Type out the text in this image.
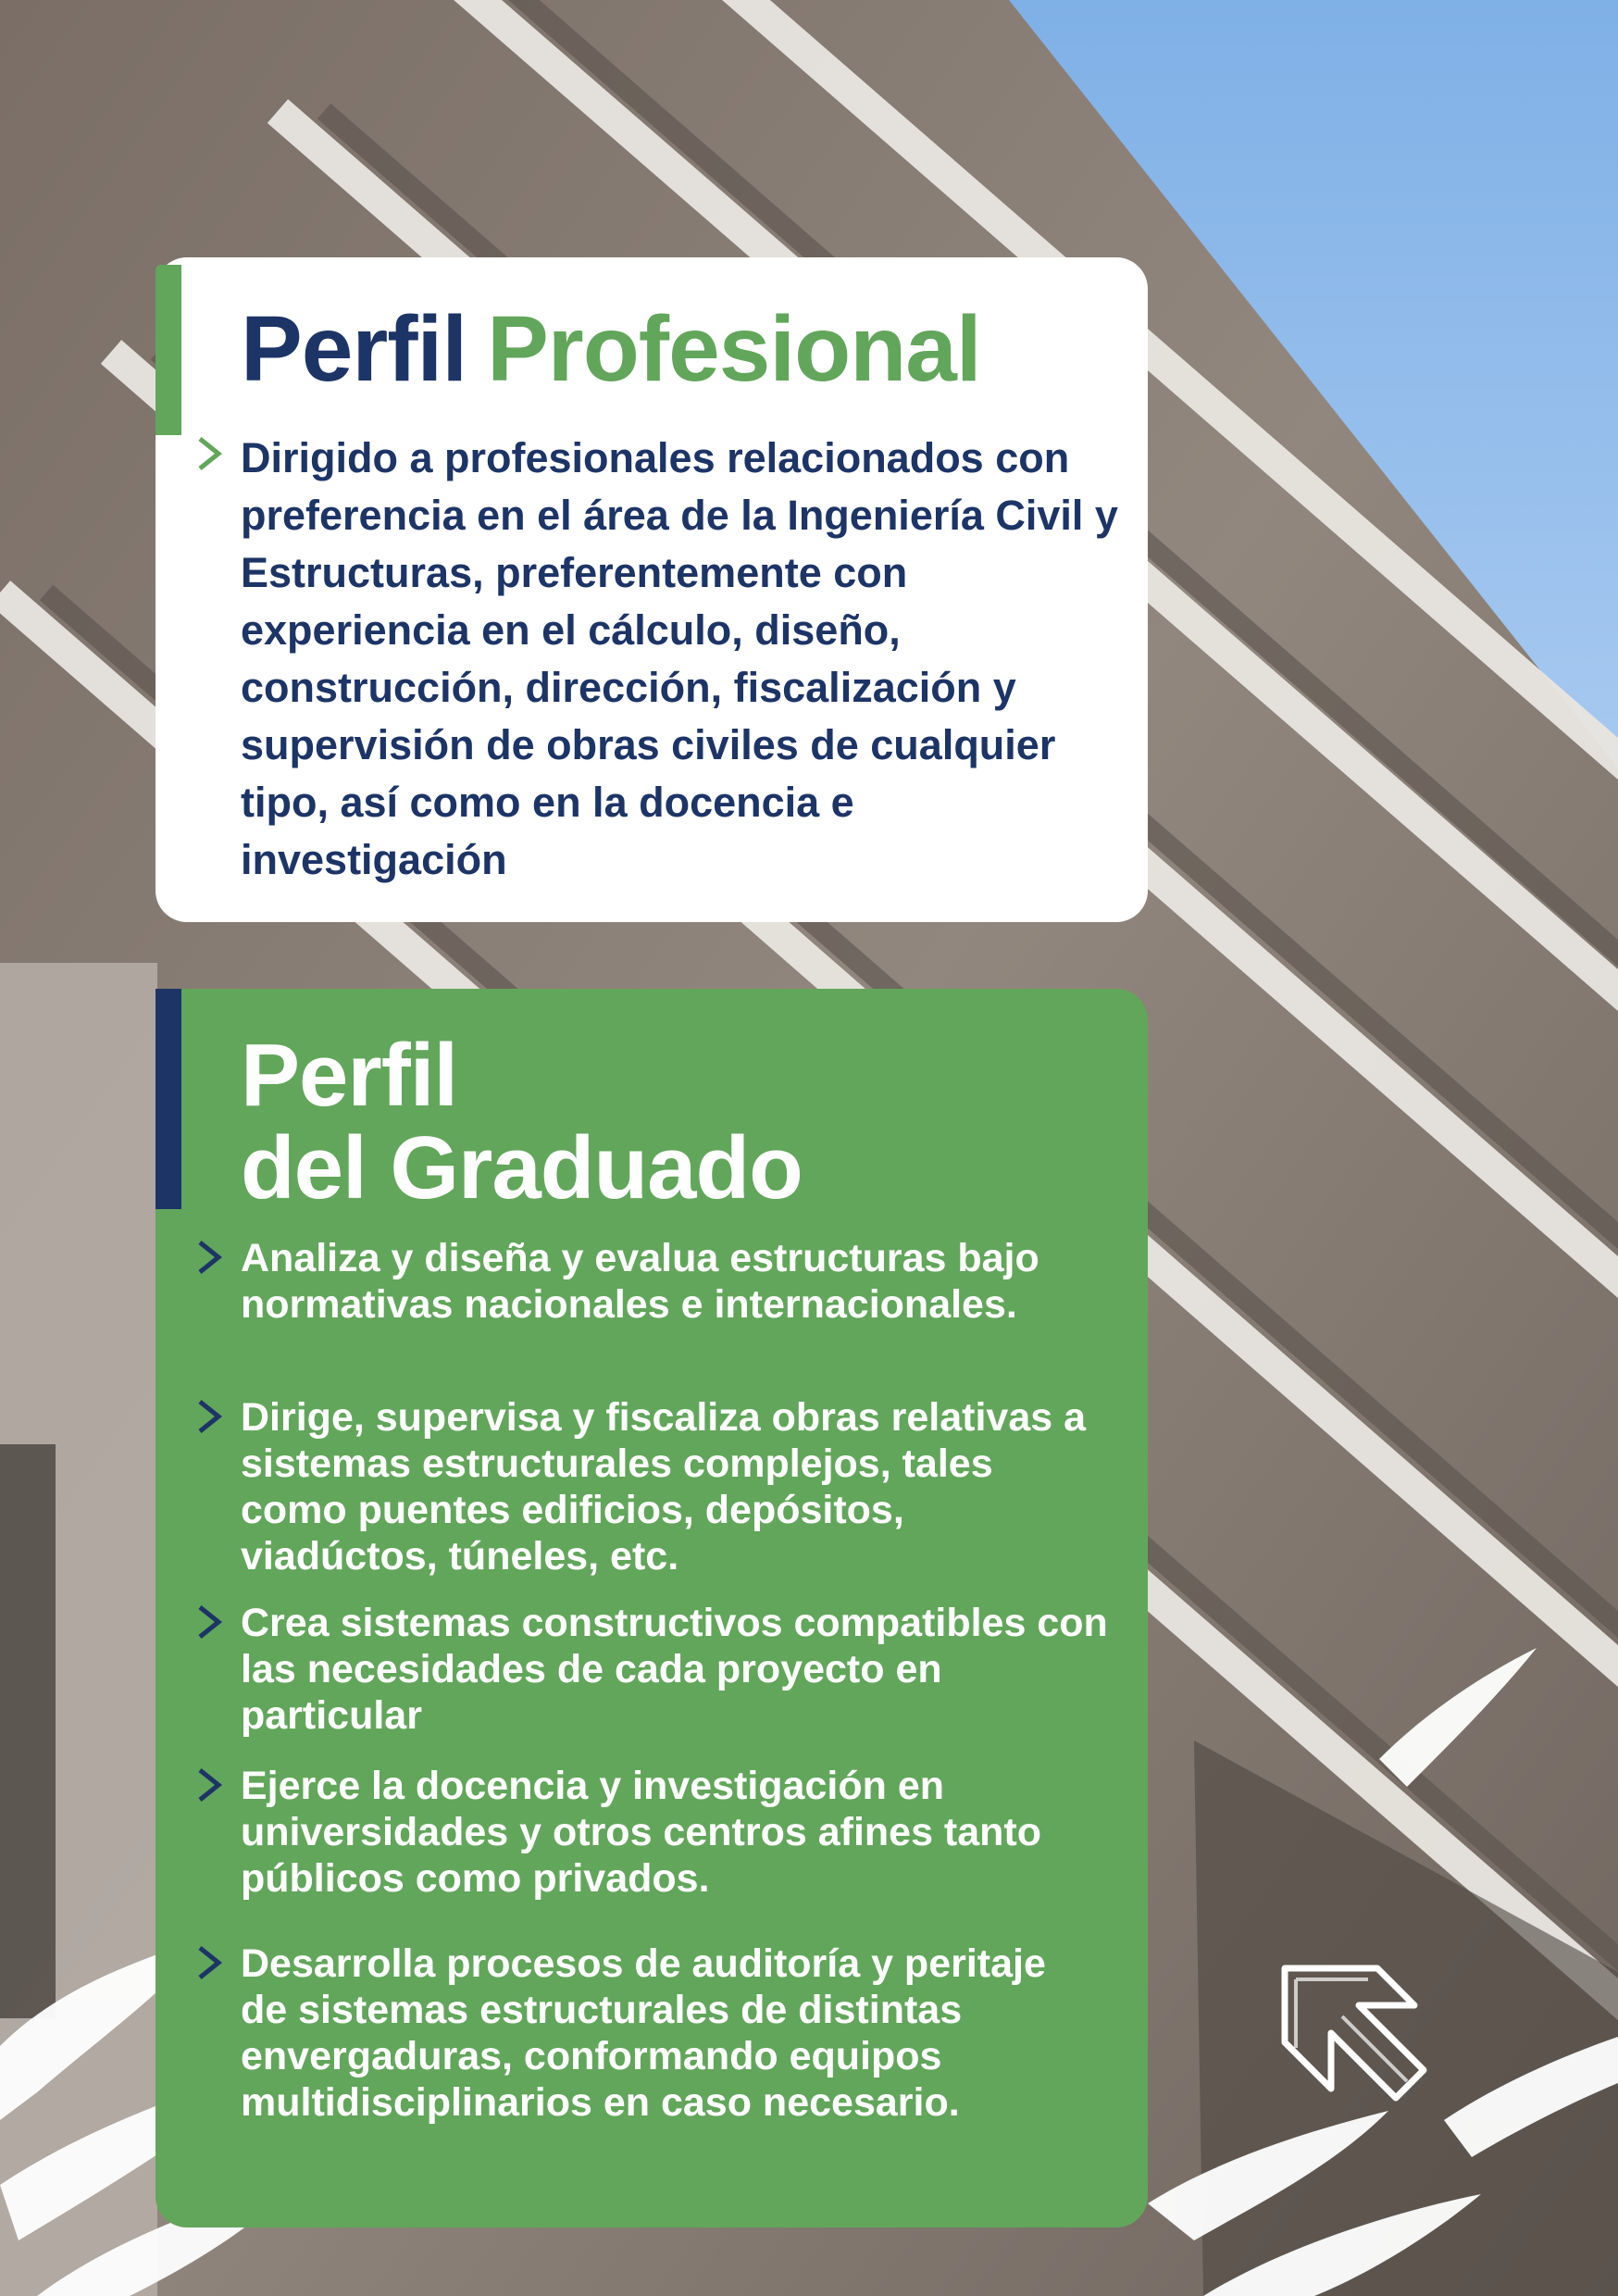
Perfil Profesional
Dirigido a profesionales relacionados con preferencia en el área de la Ingeniería Civil y Estructuras, preferentemente con experiencia en el cálculo, diseño, construcción, dirección, fiscalización y supervisión de obras civiles de cualquier tipo, así como en la docencia e investigación
Perfil
del Graduado
Analiza y diseña y evalua estructuras bajo normativas nacionales e internacionales.
Dirige, supervisa y fiscaliza obras relativas a sistemas estructurales complejos, tales como puentes edificios, depósitos, viadúctos, túneles, etc.
Crea sistemas constructivos compatibles con las necesidades de cada proyecto en particular
Ejerce la docencia y investigación en universidades y otros centros afines tanto públicos como privados.
Desarrolla procesos de auditoría y peritaje de sistemas estructurales de distintas envergaduras, conformando equipos multidisciplinarios en caso necesario.
